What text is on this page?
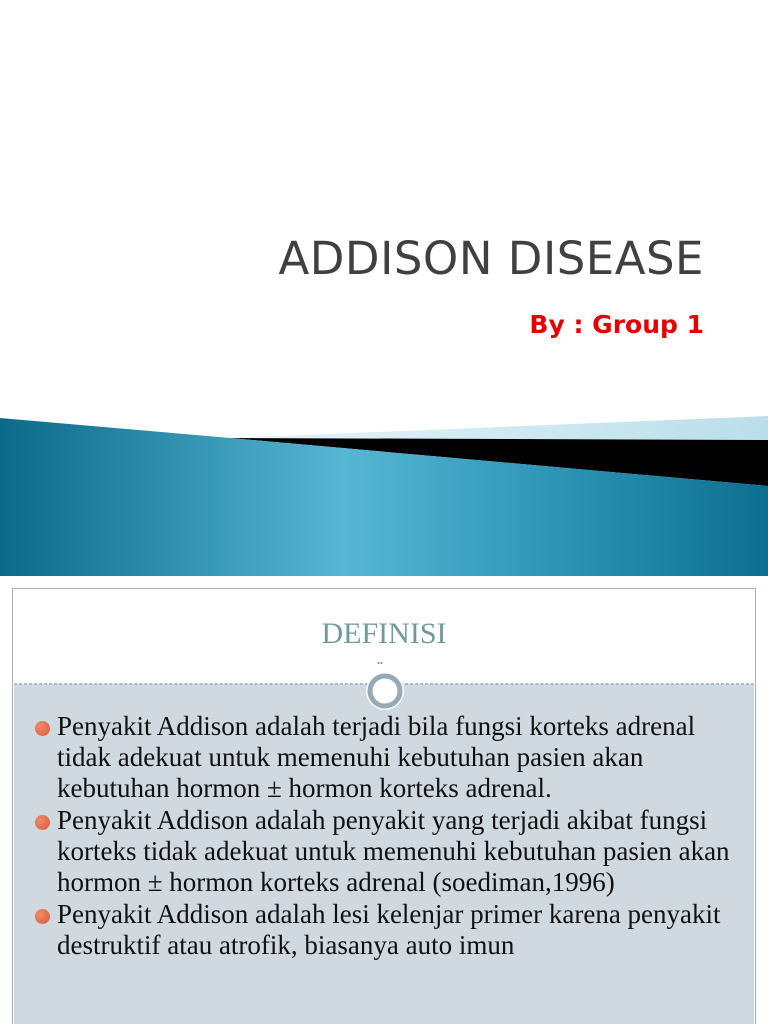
ADDISON DISEASE
By : Group 1
DEFINISI
Penyakit Addison adalah terjadi bila fungsi korteks adrenal tidak adekuat untuk memenuhi kebutuhan pasien akan kebutuhan hormon ± hormon korteks adrenal.
Penyakit Addison adalah penyakit yang terjadi akibat fungsi korteks tidak adekuat untuk memenuhi kebutuhan pasien akan hormon ± hormon korteks adrenal (soediman,1996)
Penyakit Addison adalah lesi kelenjar primer karena penyakit destruktif atau atrofik, biasanya auto imun
